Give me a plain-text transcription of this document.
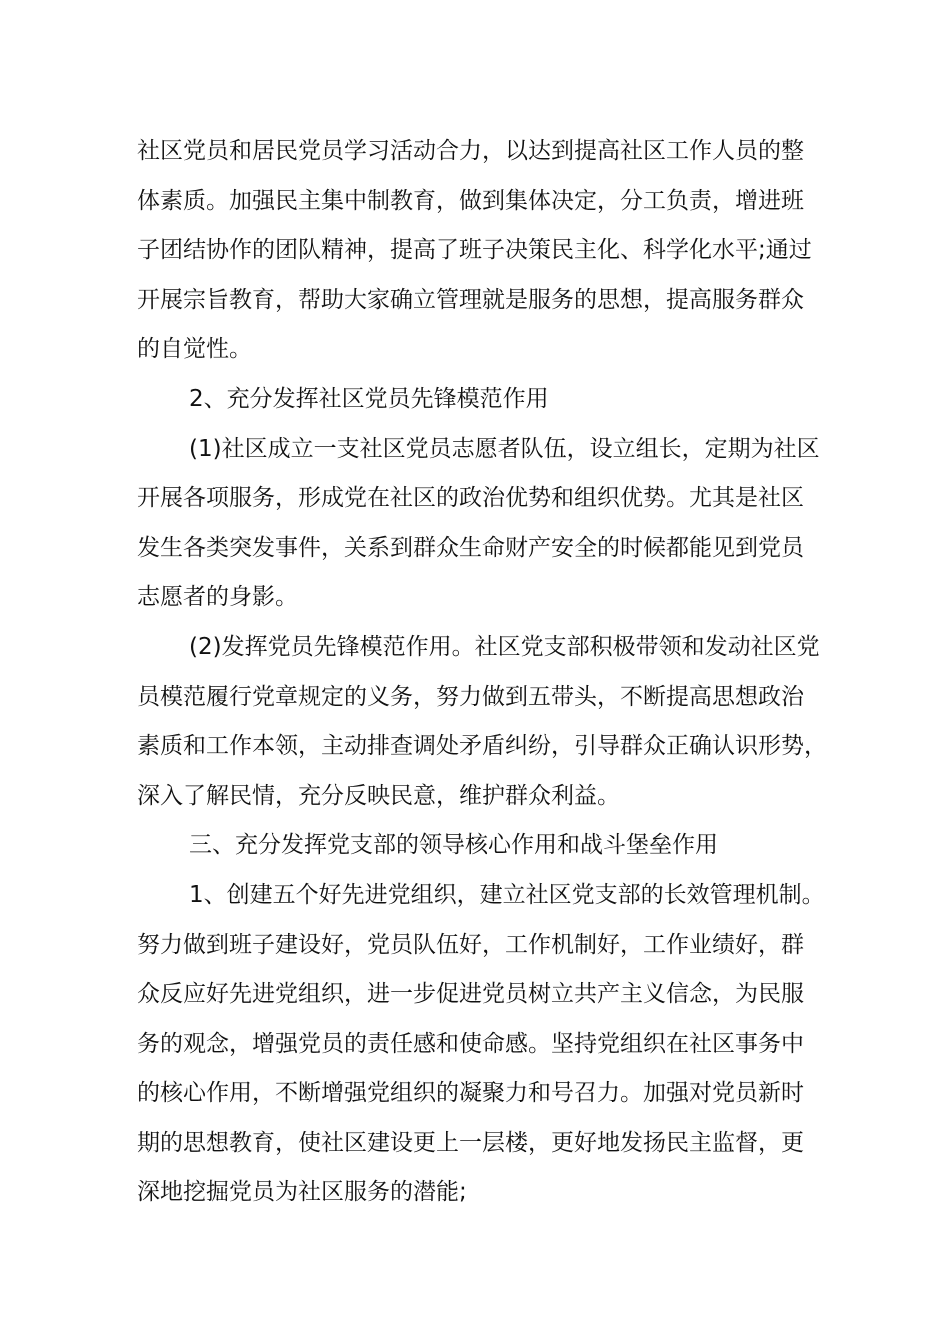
社区党员和居民党员学习活动合力，以达到提高社区工作人员的整
体素质。加强民主集中制教育，做到集体决定，分工负责，增进班
子团结协作的团队精神，提高了班子决策民主化、科学化水平;通过
开展宗旨教育，帮助大家确立管理就是服务的思想，提高服务群众
的自觉性。
2、充分发挥社区党员先锋模范作用
(1)社区成立一支社区党员志愿者队伍，设立组长，定期为社区
开展各项服务，形成党在社区的政治优势和组织优势。尤其是社区
发生各类突发事件，关系到群众生命财产安全的时候都能见到党员
志愿者的身影。
(2)发挥党员先锋模范作用。社区党支部积极带领和发动社区党
员模范履行党章规定的义务，努力做到五带头，不断提高思想政治
素质和工作本领，主动排查调处矛盾纠纷，引导群众正确认识形势，
深入了解民情，充分反映民意，维护群众利益。
三、充分发挥党支部的领导核心作用和战斗堡垒作用
1、创建五个好先进党组织，建立社区党支部的长效管理机制。
努力做到班子建设好，党员队伍好，工作机制好，工作业绩好，群
众反应好先进党组织，进一步促进党员树立共产主义信念，为民服
务的观念，增强党员的责任感和使命感。坚持党组织在社区事务中
的核心作用，不断增强党组织的凝聚力和号召力。加强对党员新时
期的思想教育，使社区建设更上一层楼，更好地发扬民主监督，更
深地挖掘党员为社区服务的潜能;
